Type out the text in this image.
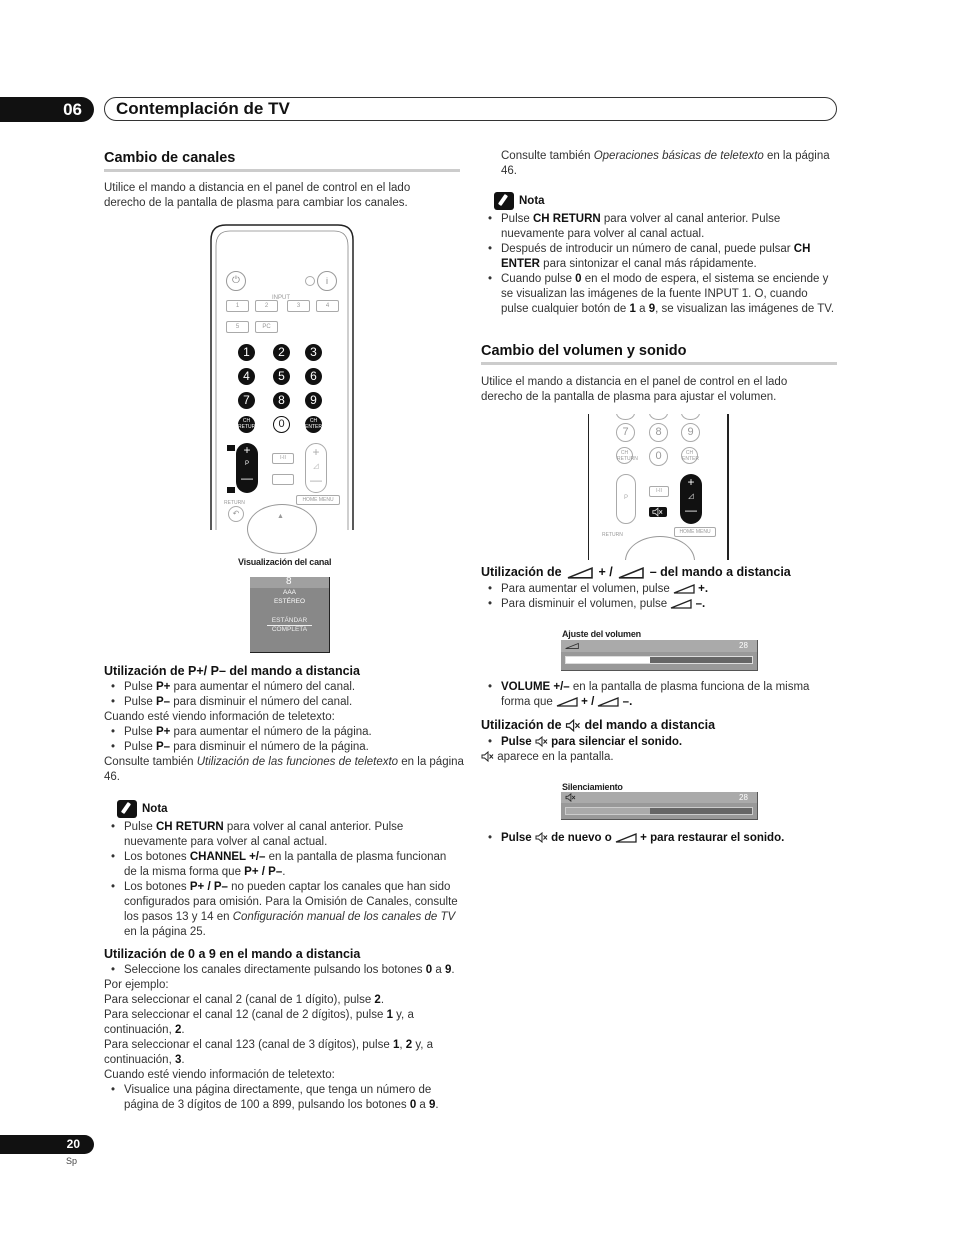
06	Contemplación de TV
Cambio de canales
Utilice el mando a distancia en el panel de control en el lado derecho de la pantalla de plasma para cambiar los canales.
⏻	i
INPUT
1	2	3	4
5	PC
1	2	3
4	5	6
7	8	9
CH
RETURN	0	CH
ENTER
+
P
—
I-II	+
◿
—
RETURN	HOME MENU
↶	▲
Visualización del canal
8
AAA
ESTÉREO
ESTÁNDAR
COMPLETA
Utilización de P+/ P– del mando a distancia
• Pulse P+ para aumentar el número del canal.
• Pulse P– para disminuir el número del canal.
Cuando esté viendo información de teletexto:
• Pulse P+ para aumentar el número de la página.
• Pulse P– para disminuir el número de la página.
Consulte también Utilización de las funciones de teletexto en la página 46.
Nota
• Pulse CH RETURN para volver al canal anterior. Pulse nuevamente para volver al canal actual.
• Los botones CHANNEL +/– en la pantalla de plasma funcionan de la misma forma que P+ / P–.
• Los botones P+ / P– no pueden captar los canales que han sido configurados para omisión. Para la Omisión de Canales, consulte los pasos 13 y 14 en Configuración manual de los canales de TV en la página 25.
Utilización de 0 a 9 en el mando a distancia
• Seleccione los canales directamente pulsando los botones 0 a 9.
Por ejemplo:
Para seleccionar el canal 2 (canal de 1 dígito), pulse 2.
Para seleccionar el canal 12 (canal de 2 dígitos), pulse 1 y, a continuación, 2.
Para seleccionar el canal 123 (canal de 3 dígitos), pulse 1, 2 y, a continuación, 3.
Cuando esté viendo información de teletexto:
• Visualice una página directamente, que tenga un número de página de 3 dígitos de 100 a 899, pulsando los botones 0 a 9.
Consulte también Operaciones básicas de teletexto en la página 46.
Nota
• Pulse CH RETURN para volver al canal anterior. Pulse nuevamente para volver al canal actual.
• Después de introducir un número de canal, puede pulsar CH ENTER para sintonizar el canal más rápidamente.
• Cuando pulse 0 en el modo de espera, el sistema se enciende y se visualizan las imágenes de la fuente INPUT 1. O, cuando pulse cualquier botón de 1 a 9, se visualizan las imágenes de TV.
Cambio del volumen y sonido
Utilice el mando a distancia en el panel de control en el lado derecho de la pantalla de plasma para ajustar el volumen.
7	8	9
CH
RETURN	0	CH
ENTER
P
I-II
+
◿
—
RETURN	HOME MENU
Utilización de  + /  – del mando a distancia
• Para aumentar el volumen, pulse  +.
• Para disminuir el volumen, pulse  –.
Ajuste del volumen
28
• VOLUME +/– en la pantalla de plasma funciona de la misma forma que  + /  –.
Utilización de  del mando a distancia
• Pulse  para silenciar el sonido.
aparece en la pantalla.
Silenciamiento
28
• Pulse  de nuevo o  + para restaurar el sonido.
20
Sp
